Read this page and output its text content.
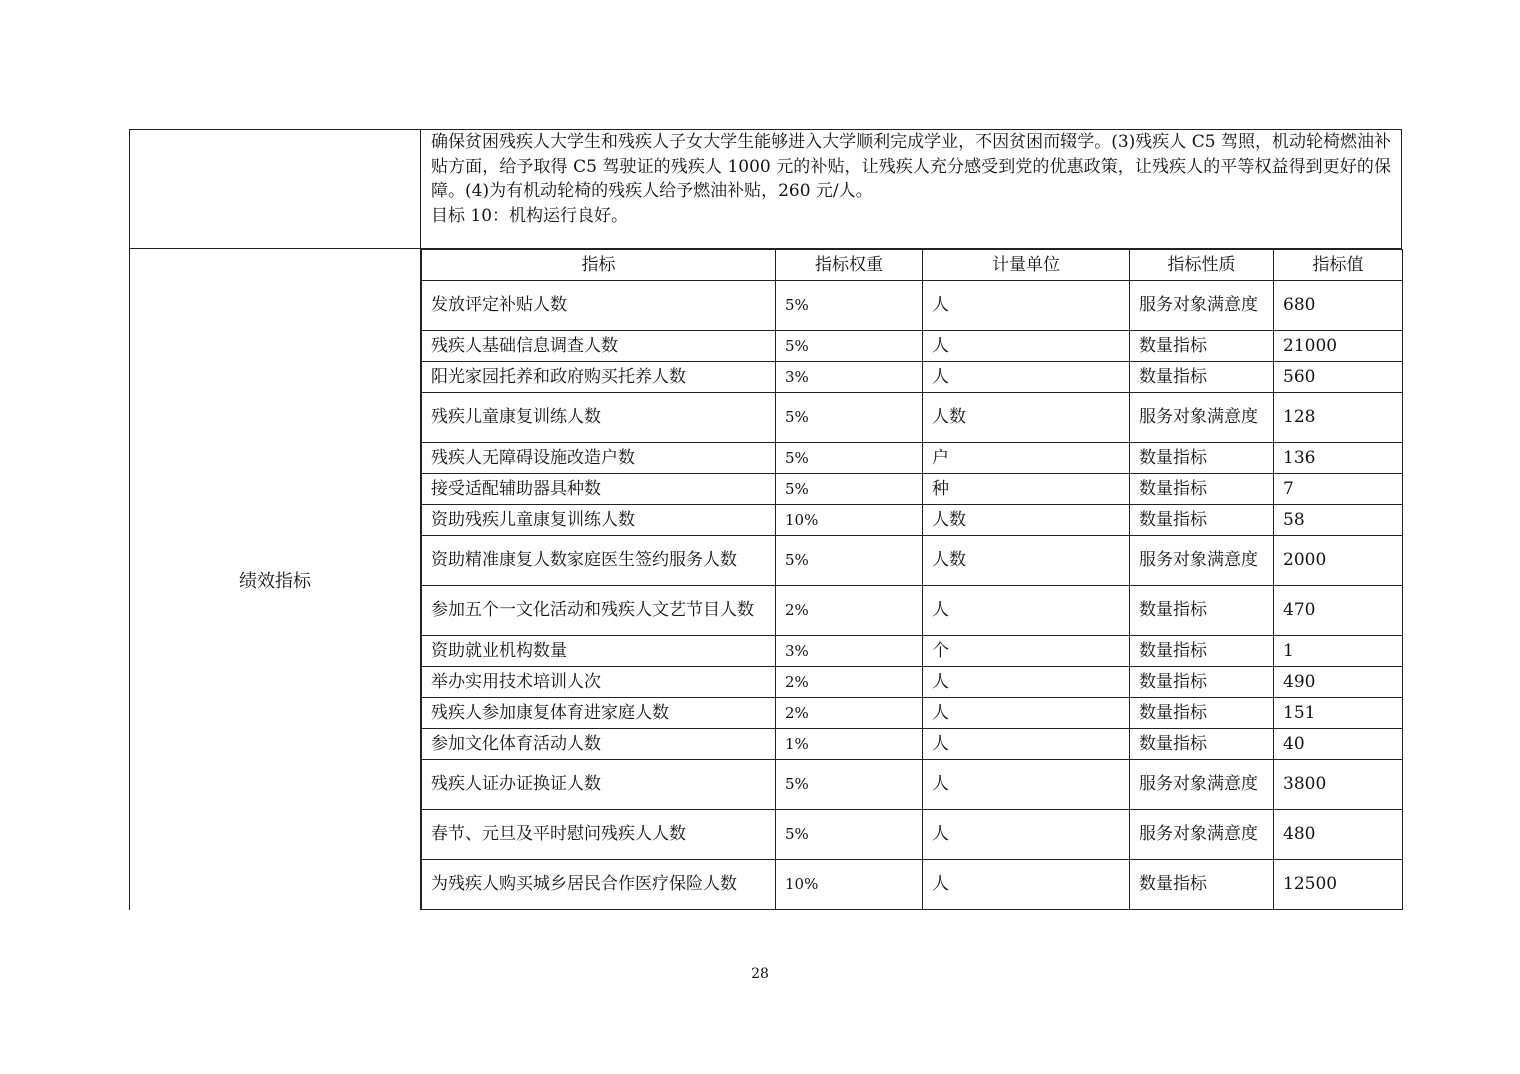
确保贫困残疾人大学生和残疾人子女大学生能够进入大学顺利完成学业，不因贫困而辍学。(3)残疾人 C5 驾照，机动轮椅燃油补贴方面，给予取得 C5 驾驶证的残疾人 1000 元的补贴，让残疾人充分感受到党的优惠政策，让残疾人的平等权益得到更好的保障。(4)为有机动轮椅的残疾人给予燃油补贴，260 元/人。

目标 10：机构运行良好。

绩效指标	
指标	指标权重	计量单位	指标性质	指标值
发放评定补贴人数	5%	人	服务对象满意度	680
残疾人基础信息调查人数	5%	人	数量指标	21000
阳光家园托养和政府购买托养人数	3%	人	数量指标	560
残疾儿童康复训练人数	5%	人数	服务对象满意度	128
残疾人无障碍设施改造户数	5%	户	数量指标	136
接受适配辅助器具种数	5%	种	数量指标	7
资助残疾儿童康复训练人数	10%	人数	数量指标	58
资助精准康复人数家庭医生签约服务人数	5%	人数	服务对象满意度	2000
参加五个一文化活动和残疾人文艺节目人数	2%	人	数量指标	470
资助就业机构数量	3%	个	数量指标	1
举办实用技术培训人次	2%	人	数量指标	490
残疾人参加康复体育进家庭人数	2%	人	数量指标	151
参加文化体育活动人数	1%	人	数量指标	40
残疾人证办证换证人数	5%	人	服务对象满意度	3800
春节、元旦及平时慰问残疾人人数	5%	人	服务对象满意度	480
为残疾人购买城乡居民合作医疗保险人数	10%	人	数量指标	12500
28
